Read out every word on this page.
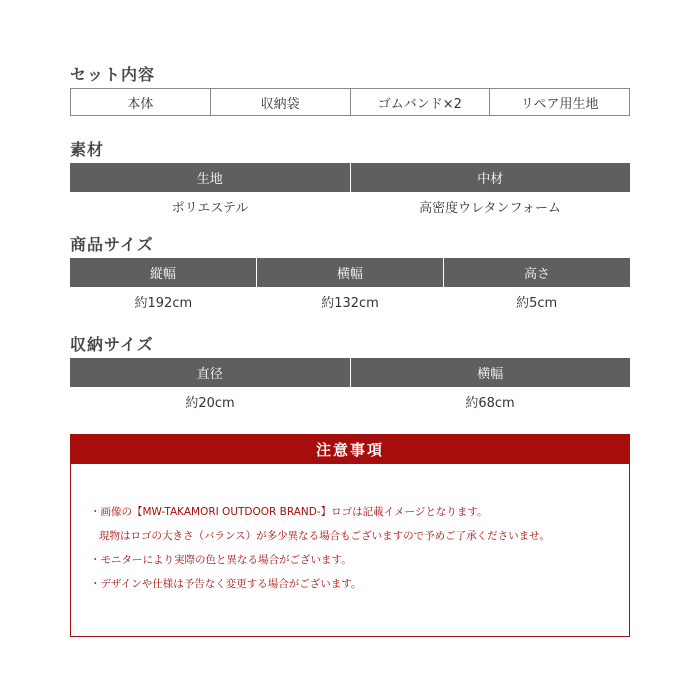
セット内容
本体	収納袋	ゴムバンド×2	リペア用生地
素材
生地	中材
ポリエステル	高密度ウレタンフォーム
商品サイズ
縦幅	横幅	高さ
約192cm	約132cm	約5cm
収納サイズ
直径	横幅
約20cm	約68cm
注意事項
・画像の【MW-TAKAMORI OUTDOOR BRAND-】ロゴは記載イメージとなります。
現物はロゴの大きさ（バランス）が多少異なる場合もございますので予めご了承くださいませ。
・モニターにより実際の色と異なる場合がございます。
・デザインや仕様は予告なく変更する場合がございます。
